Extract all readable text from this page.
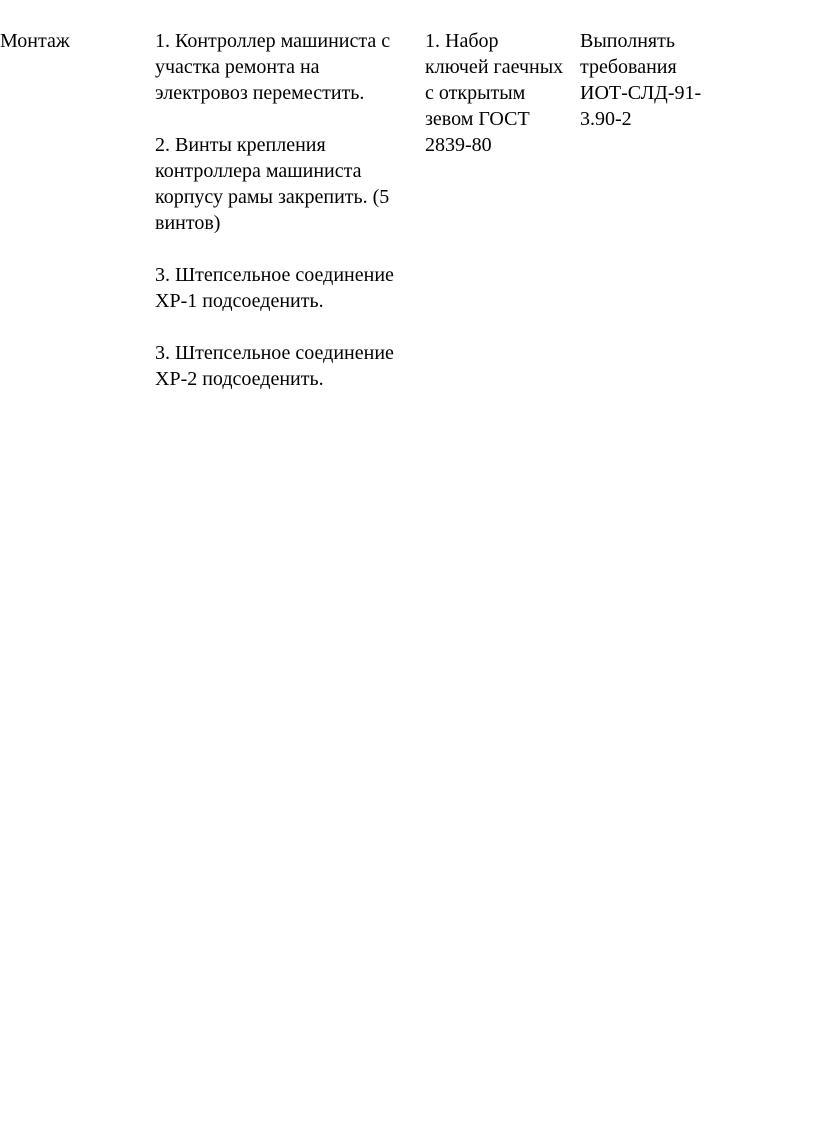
Монтаж	1. Контроллер машиниста с
участка ремонта на
электровоз переместить.
2. Винты крепления
контроллера машиниста
корпусу рамы закрепить. (5
винтов)
3. Штепсельное соединение
ХР-1 подсоеденить.
3. Штепсельное соединение
ХР-2 подсоеденить.
1. Набор
ключей гаечных
с открытым
зевом ГОСТ
2839-80
Выполнять
требования
ИОТ-СЛД-91-
3.90-2
